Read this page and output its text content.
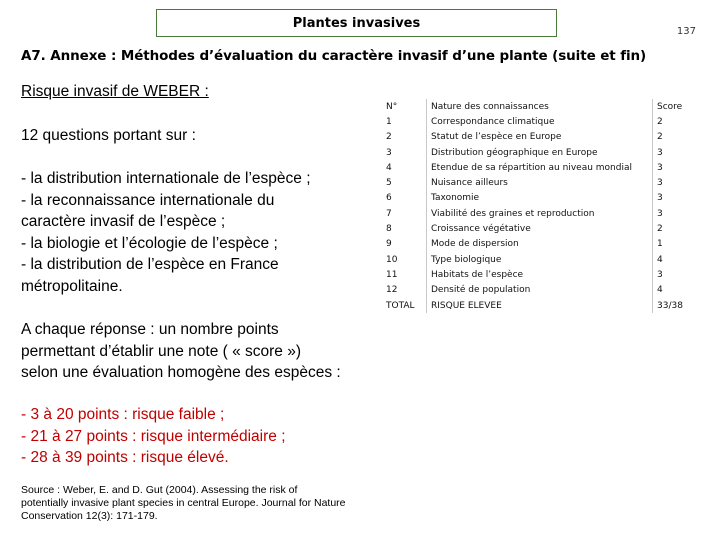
Plantes invasives
137
A7. Annexe : Méthodes d’évaluation du caractère invasif d’une plante (suite et fin)
Risque invasif de WEBER :
12 questions portant sur :
- la distribution internationale de l’espèce ;
- la reconnaissance internationale du
caractère invasif de l’espèce ;
- la biologie et l’écologie de l’espèce ;
- la distribution de l’espèce en France
métropolitaine.
A chaque réponse : un nombre points
permettant d’établir une note ( « score »)
selon une évaluation homogène des espèces :
- 3 à 20 points : risque faible ;
- 21 à 27 points : risque intermédiaire ;
- 28 à 39 points : risque élevé.
Source : Weber, E. and D. Gut (2004). Assessing the risk of
potentially invasive plant species in central Europe. Journal for Nature
Conservation 12(3): 171-179.
N°	Nature des connaissances	Score
1	Correspondance climatique	2
2	Statut de l’espèce en Europe	2
3	Distribution géographique en Europe	3
4	Etendue de sa répartition au niveau mondial	3
5	Nuisance ailleurs	3
6	Taxonomie	3
7	Viabilité des graines et reproduction	3
8	Croissance végétative	2
9	Mode de dispersion	1
10	Type biologique	4
11	Habitats de l’espèce	3
12	Densité de population	4
TOTAL	RISQUE ELEVEE	33/38
